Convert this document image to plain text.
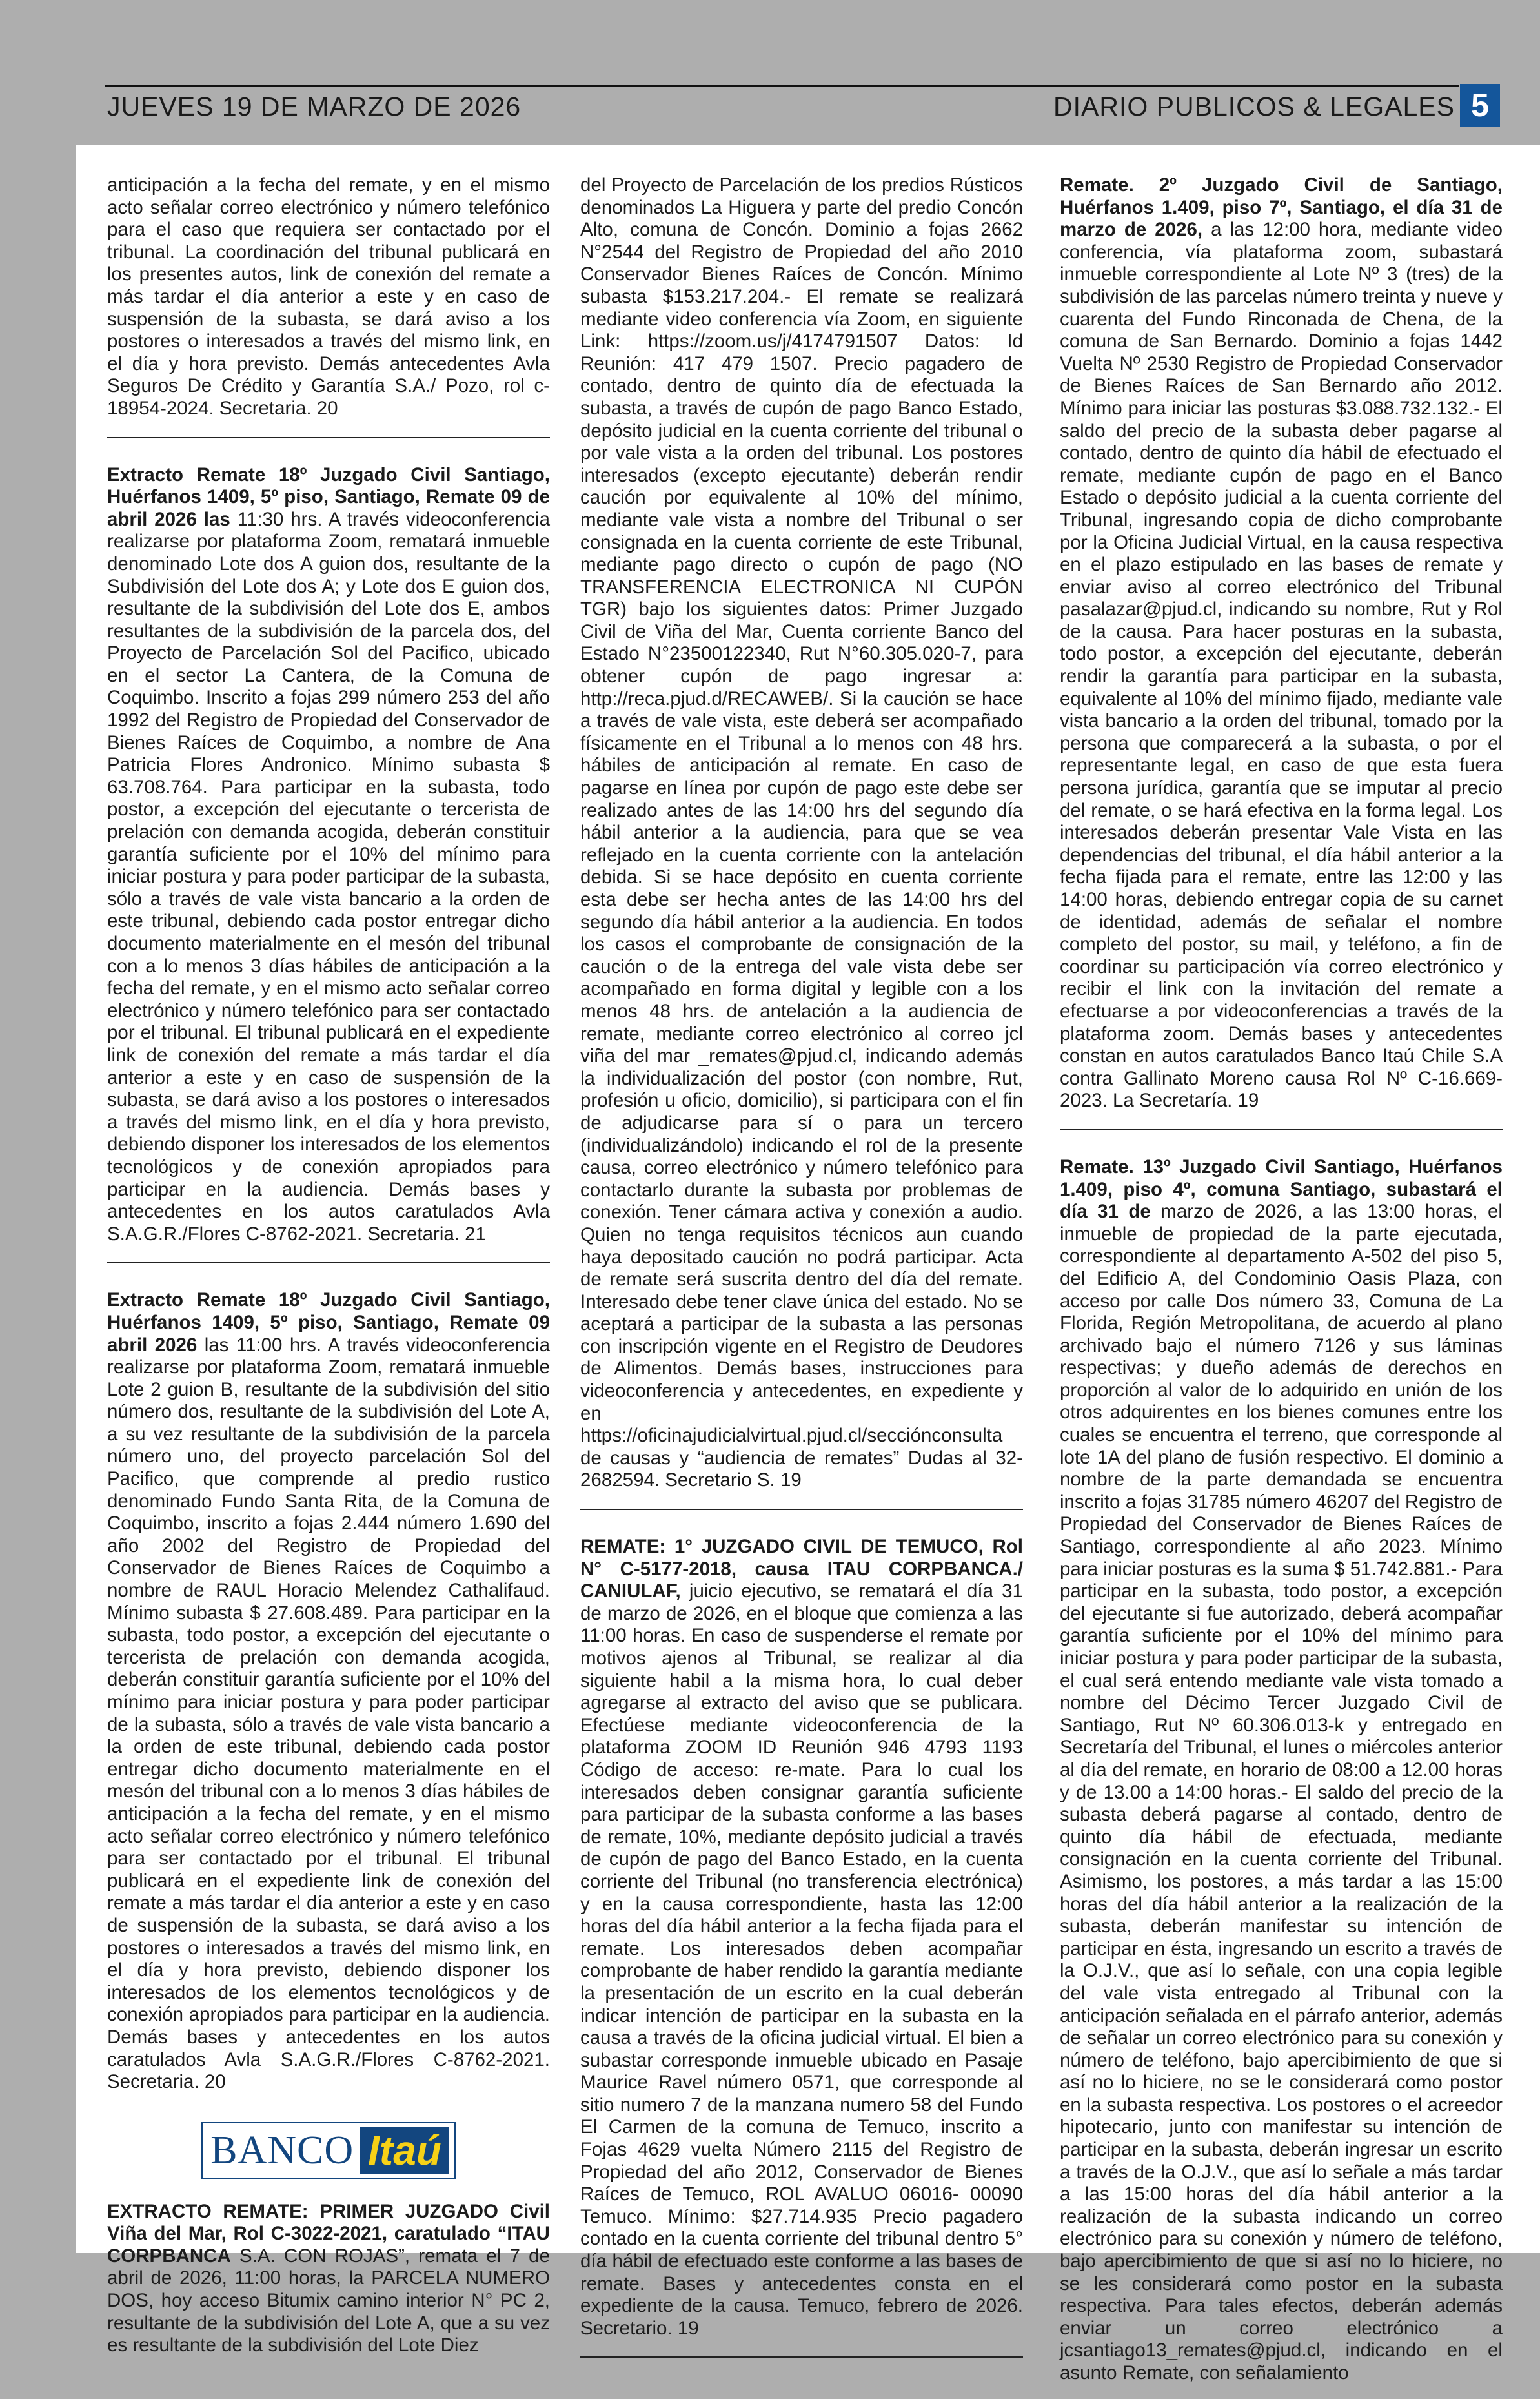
JUEVES 19 DE MARZO DE 2026	DIARIO PUBLICOS & LEGALES 5

anticipación a la fecha del remate, y en el mismo acto señalar correo electrónico y número telefónico para el caso que requiera ser contactado por el tribunal. La coordinación del tribunal publicará en los presentes autos, link de conexión del remate a más tardar el día anterior a este y en caso de suspensión de la subasta, se dará aviso a los postores o interesados a través del mismo link, en el día y hora previsto. Demás antecedentes Avla Seguros De Crédito y Garantía S.A./ Pozo, rol c-18954-2024. Secretaria. 20

Extracto Remate 18º Juzgado Civil Santiago, Huérfanos 1409, 5º piso, Santiago, Remate 09 de abril 2026 las 11:30 hrs. A través videoconferencia realizarse por plataforma Zoom, rematará inmueble denominado Lote dos A guion dos, resultante de la Subdivisión del Lote dos A; y Lote dos E guion dos, resultante de la subdivisión del Lote dos E, ambos resultantes de la subdivisión de la parcela dos, del Proyecto de Parcelación Sol del Pacifico, ubicado en el sector La Cantera, de la Comuna de Coquimbo. Inscrito a fojas 299 número 253 del año 1992 del Registro de Propiedad del Conservador de Bienes Raíces de Coquimbo, a nombre de Ana Patricia Flores Andronico. Mínimo subasta $ 63.708.764. Para participar en la subasta, todo postor, a excepción del ejecutante o tercerista de prelación con demanda acogida, deberán constituir garantía suficiente por el 10% del mínimo para iniciar postura y para poder participar de la subasta, sólo a través de vale vista bancario a la orden de este tribunal, debiendo cada postor entregar dicho documento materialmente en el mesón del tribunal con a lo menos 3 días hábiles de anticipación a la fecha del remate, y en el mismo acto señalar correo electrónico y número telefónico para ser contactado por el tribunal. El tribunal publicará en el expediente link de conexión del remate a más tardar el día anterior a este y en caso de suspensión de la subasta, se dará aviso a los postores o interesados a través del mismo link, en el día y hora previsto, debiendo disponer los interesados de los elementos tecnológicos y de conexión apropiados para participar en la audiencia. Demás bases y antecedentes en los autos caratulados Avla S.A.G.R./Flores C-8762-2021. Secretaria. 21

Extracto Remate 18º Juzgado Civil Santiago, Huérfanos 1409, 5º piso, Santiago, Remate 09 abril 2026 las 11:00 hrs. A través videoconferencia realizarse por plataforma Zoom, rematará inmueble Lote 2 guion B, resultante de la subdivisión del sitio número dos, resultante de la subdivisión del Lote A, a su vez resultante de la subdivisión de la parcela número uno, del proyecto parcelación Sol del Pacifico, que comprende al predio rustico denominado Fundo Santa Rita, de la Comuna de Coquimbo, inscrito a fojas 2.444 número 1.690 del año 2002 del Registro de Propiedad del Conservador de Bienes Raíces de Coquimbo a nombre de RAUL Horacio Melendez Cathalifaud. Mínimo subasta $ 27.608.489. Para participar en la subasta, todo postor, a excepción del ejecutante o tercerista de prelación con demanda acogida, deberán constituir garantía suficiente por el 10% del mínimo para iniciar postura y para poder participar de la subasta, sólo a través de vale vista bancario a la orden de este tribunal, debiendo cada postor entregar dicho documento materialmente en el mesón del tribunal con a lo menos 3 días hábiles de anticipación a la fecha del remate, y en el mismo acto señalar correo electrónico y número telefónico para ser contactado por el tribunal. El tribunal publicará en el expediente link de conexión del remate a más tardar el día anterior a este y en caso de suspensión de la subasta, se dará aviso a los postores o interesados a través del mismo link, en el día y hora previsto, debiendo disponer los interesados de los elementos tecnológicos y de conexión apropiados para participar en la audiencia. Demás bases y antecedentes en los autos caratulados Avla S.A.G.R./Flores C-8762-2021. Secretaria. 20

BANCO Itaú

EXTRACTO REMATE: PRIMER JUZGADO Civil Viña del Mar, Rol C-3022-2021, caratulado “ITAU CORPBANCA S.A. CON ROJAS”, remata el 7 de abril de 2026, 11:00 horas, la PARCELA NUMERO DOS, hoy acceso Bitumix camino interior N° PC 2, resultante de la subdivisión del Lote A, que a su vez es resultante de la subdivisión del Lote Diez

del Proyecto de Parcelación de los predios Rústicos denominados La Higuera y parte del predio Concón Alto, comuna de Concón. Dominio a fojas 2662 N°2544 del Registro de Propiedad del año 2010 Conservador Bienes Raíces de Concón. Mínimo subasta $153.217.204.- El remate se realizará mediante video conferencia vía Zoom, en siguiente Link: https://zoom.us/j/4174791507 Datos: Id Reunión: 417 479 1507. Precio pagadero de contado, dentro de quinto día de efectuada la subasta, a través de cupón de pago Banco Estado, depósito judicial en la cuenta corriente del tribunal o por vale vista a la orden del tribunal. Los postores interesados (excepto ejecutante) deberán rendir caución por equivalente al 10% del mínimo, mediante vale vista a nombre del Tribunal o ser consignada en la cuenta corriente de este Tribunal, mediante pago directo o cupón de pago (NO TRANSFERENCIA ELECTRONICA NI CUPÓN TGR) bajo los siguientes datos: Primer Juzgado Civil de Viña del Mar, Cuenta corriente Banco del Estado N°23500122340, Rut N°60.305.020-7, para obtener cupón de pago ingresar a: http://reca.pjud.d/RECAWEB/. Si la caución se hace a través de vale vista, este deberá ser acompañado físicamente en el Tribunal a lo menos con 48 hrs. hábiles de anticipación al remate. En caso de pagarse en línea por cupón de pago este debe ser realizado antes de las 14:00 hrs del segundo día hábil anterior a la audiencia, para que se vea reflejado en la cuenta corriente con la antelación debida. Si se hace depósito en cuenta corriente esta debe ser hecha antes de las 14:00 hrs del segundo día hábil anterior a la audiencia. En todos los casos el comprobante de consignación de la caución o de la entrega del vale vista debe ser acompañado en forma digital y legible con a los menos 48 hrs. de antelación a la audiencia de remate, mediante correo electrónico al correo jcl viña del mar _remates@pjud.cl, indicando además la individualización del postor (con nombre, Rut, profesión u oficio, domicilio), si participara con el fin de adjudicarse para sí o para un tercero (individualizándolo) indicando el rol de la presente causa, correo electrónico y número telefónico para contactarlo durante la subasta por problemas de conexión. Tener cámara activa y conexión a audio. Quien no tenga requisitos técnicos aun cuando haya depositado caución no podrá participar. Acta de remate será suscrita dentro del día del remate. Interesado debe tener clave única del estado. No se aceptará a participar de la subasta a las personas con inscripción vigente en el Registro de Deudores de Alimentos. Demás bases, instrucciones para videoconferencia y antecedentes, en expediente y en https://oficinajudicialvirtual.pjud.cl/secciónconsulta de causas y “audiencia de remates” Dudas al 32-2682594. Secretario S. 19

REMATE: 1° JUZGADO CIVIL DE TEMUCO, Rol N° C-5177-2018, causa ITAU CORPBANCA./ CANIULAF, juicio ejecutivo, se rematará el día 31 de marzo de 2026, en el bloque que comienza a las 11:00 horas. En caso de suspenderse el remate por motivos ajenos al Tribunal, se realizar al dia siguiente habil a la misma hora, lo cual deber agregarse al extracto del aviso que se publicara. Efectúese mediante videoconferencia de la plataforma ZOOM ID Reunión 946 4793 1193 Código de acceso: re-mate. Para lo cual los interesados deben consignar garantía suficiente para participar de la subasta conforme a las bases de remate, 10%, mediante depósito judicial a través de cupón de pago del Banco Estado, en la cuenta corriente del Tribunal (no transferencia electrónica) y en la causa correspondiente, hasta las 12:00 horas del día hábil anterior a la fecha fijada para el remate. Los interesados deben acompañar comprobante de haber rendido la garantía mediante la presentación de un escrito en la cual deberán indicar intención de participar en la subasta en la causa a través de la oficina judicial virtual. El bien a subastar corresponde inmueble ubicado en Pasaje Maurice Ravel número 0571, que corresponde al sitio numero 7 de la manzana numero 58 del Fundo El Carmen de la comuna de Temuco, inscrito a Fojas 4629 vuelta Número 2115 del Registro de Propiedad del año 2012, Conservador de Bienes Raíces de Temuco, ROL AVALUO 06016- 00090 Temuco. Mínimo: $27.714.935 Precio pagadero contado en la cuenta corriente del tribunal dentro 5° día hábil de efectuado este conforme a las bases de remate. Bases y antecedentes consta en el expediente de la causa. Temuco, febrero de 2026. Secretario. 19

Remate. 2º Juzgado Civil de Santiago, Huérfanos 1.409, piso 7º, Santiago, el día 31 de marzo de 2026, a las 12:00 hora, mediante video conferencia, vía plataforma zoom, subastará inmueble correspondiente al Lote Nº 3 (tres) de la subdivisión de las parcelas número treinta y nueve y cuarenta del Fundo Rinconada de Chena, de la comuna de San Bernardo. Dominio a fojas 1442 Vuelta Nº 2530 Registro de Propiedad Conservador de Bienes Raíces de San Bernardo año 2012. Mínimo para iniciar las posturas $3.088.732.132.- El saldo del precio de la subasta deber pagarse al contado, dentro de quinto día hábil de efectuado el remate, mediante cupón de pago en el Banco Estado o depósito judicial a la cuenta corriente del Tribunal, ingresando copia de dicho comprobante por la Oficina Judicial Virtual, en la causa respectiva en el plazo estipulado en las bases de remate y enviar aviso al correo electrónico del Tribunal pasalazar@pjud.cl, indicando su nombre, Rut y Rol de la causa. Para hacer posturas en la subasta, todo postor, a excepción del ejecutante, deberán rendir la garantía para participar en la subasta, equivalente al 10% del mínimo fijado, mediante vale vista bancario a la orden del tribunal, tomado por la persona que comparecerá a la subasta, o por el representante legal, en caso de que esta fuera persona jurídica, garantía que se imputar al precio del remate, o se hará efectiva en la forma legal. Los interesados deberán presentar Vale Vista en las dependencias del tribunal, el día hábil anterior a la fecha fijada para el remate, entre las 12:00 y las 14:00 horas, debiendo entregar copia de su carnet de identidad, además de señalar el nombre completo del postor, su mail, y teléfono, a fin de coordinar su participación vía correo electrónico y recibir el link con la invitación del remate a efectuarse a por videoconferencias a través de la plataforma zoom. Demás bases y antecedentes constan en autos caratulados Banco Itaú Chile S.A contra Gallinato Moreno causa Rol Nº C-16.669-2023. La Secretaría. 19

Remate. 13º Juzgado Civil Santiago, Huérfanos 1.409, piso 4º, comuna Santiago, subastará el día 31 de marzo de 2026, a las 13:00 horas, el inmueble de propiedad de la parte ejecutada, correspondiente al departamento A-502 del piso 5, del Edificio A, del Condominio Oasis Plaza, con acceso por calle Dos número 33, Comuna de La Florida, Región Metropolitana, de acuerdo al plano archivado bajo el número 7126 y sus láminas respectivas; y dueño además de derechos en proporción al valor de lo adquirido en unión de los otros adquirentes en los bienes comunes entre los cuales se encuentra el terreno, que corresponde al lote 1A del plano de fusión respectivo. El dominio a nombre de la parte demandada se encuentra inscrito a fojas 31785 número 46207 del Registro de Propiedad del Conservador de Bienes Raíces de Santiago, correspondiente al año 2023. Mínimo para iniciar posturas es la suma $ 51.742.881.- Para participar en la subasta, todo postor, a excepción del ejecutante si fue autorizado, deberá acompañar garantía suficiente por el 10% del mínimo para iniciar postura y para poder participar de la subasta, el cual será entendo mediante vale vista tomado a nombre del Décimo Tercer Juzgado Civil de Santiago, Rut Nº 60.306.013-k y entregado en Secretaría del Tribunal, el lunes o miércoles anterior al día del remate, en horario de 08:00 a 12.00 horas y de 13.00 a 14:00 horas.- El saldo del precio de la subasta deberá pagarse al contado, dentro de quinto día hábil de efectuada, mediante consignación en la cuenta corriente del Tribunal. Asimismo, los postores, a más tardar a las 15:00 horas del día hábil anterior a la realización de la subasta, deberán manifestar su intención de participar en ésta, ingresando un escrito a través de la O.J.V., que así lo señale, con una copia legible del vale vista entregado al Tribunal con la anticipación señalada en el párrafo anterior, además de señalar un correo electrónico para su conexión y número de teléfono, bajo apercibimiento de que si así no lo hiciere, no se le considerará como postor en la subasta respectiva. Los postores o el acreedor hipotecario, junto con manifestar su intención de participar en la subasta, deberán ingresar un escrito a través de la O.J.V., que así lo señale a más tardar a las 15:00 horas del día hábil anterior a la realización de la subasta indicando un correo electrónico para su conexión y número de teléfono, bajo apercibimiento de que si así no lo hiciere, no se les considerará como postor en la subasta respectiva. Para tales efectos, deberán además enviar un correo electrónico a jcsantiago13_remates@pjud.cl, indicando en el asunto Remate, con señalamiento
